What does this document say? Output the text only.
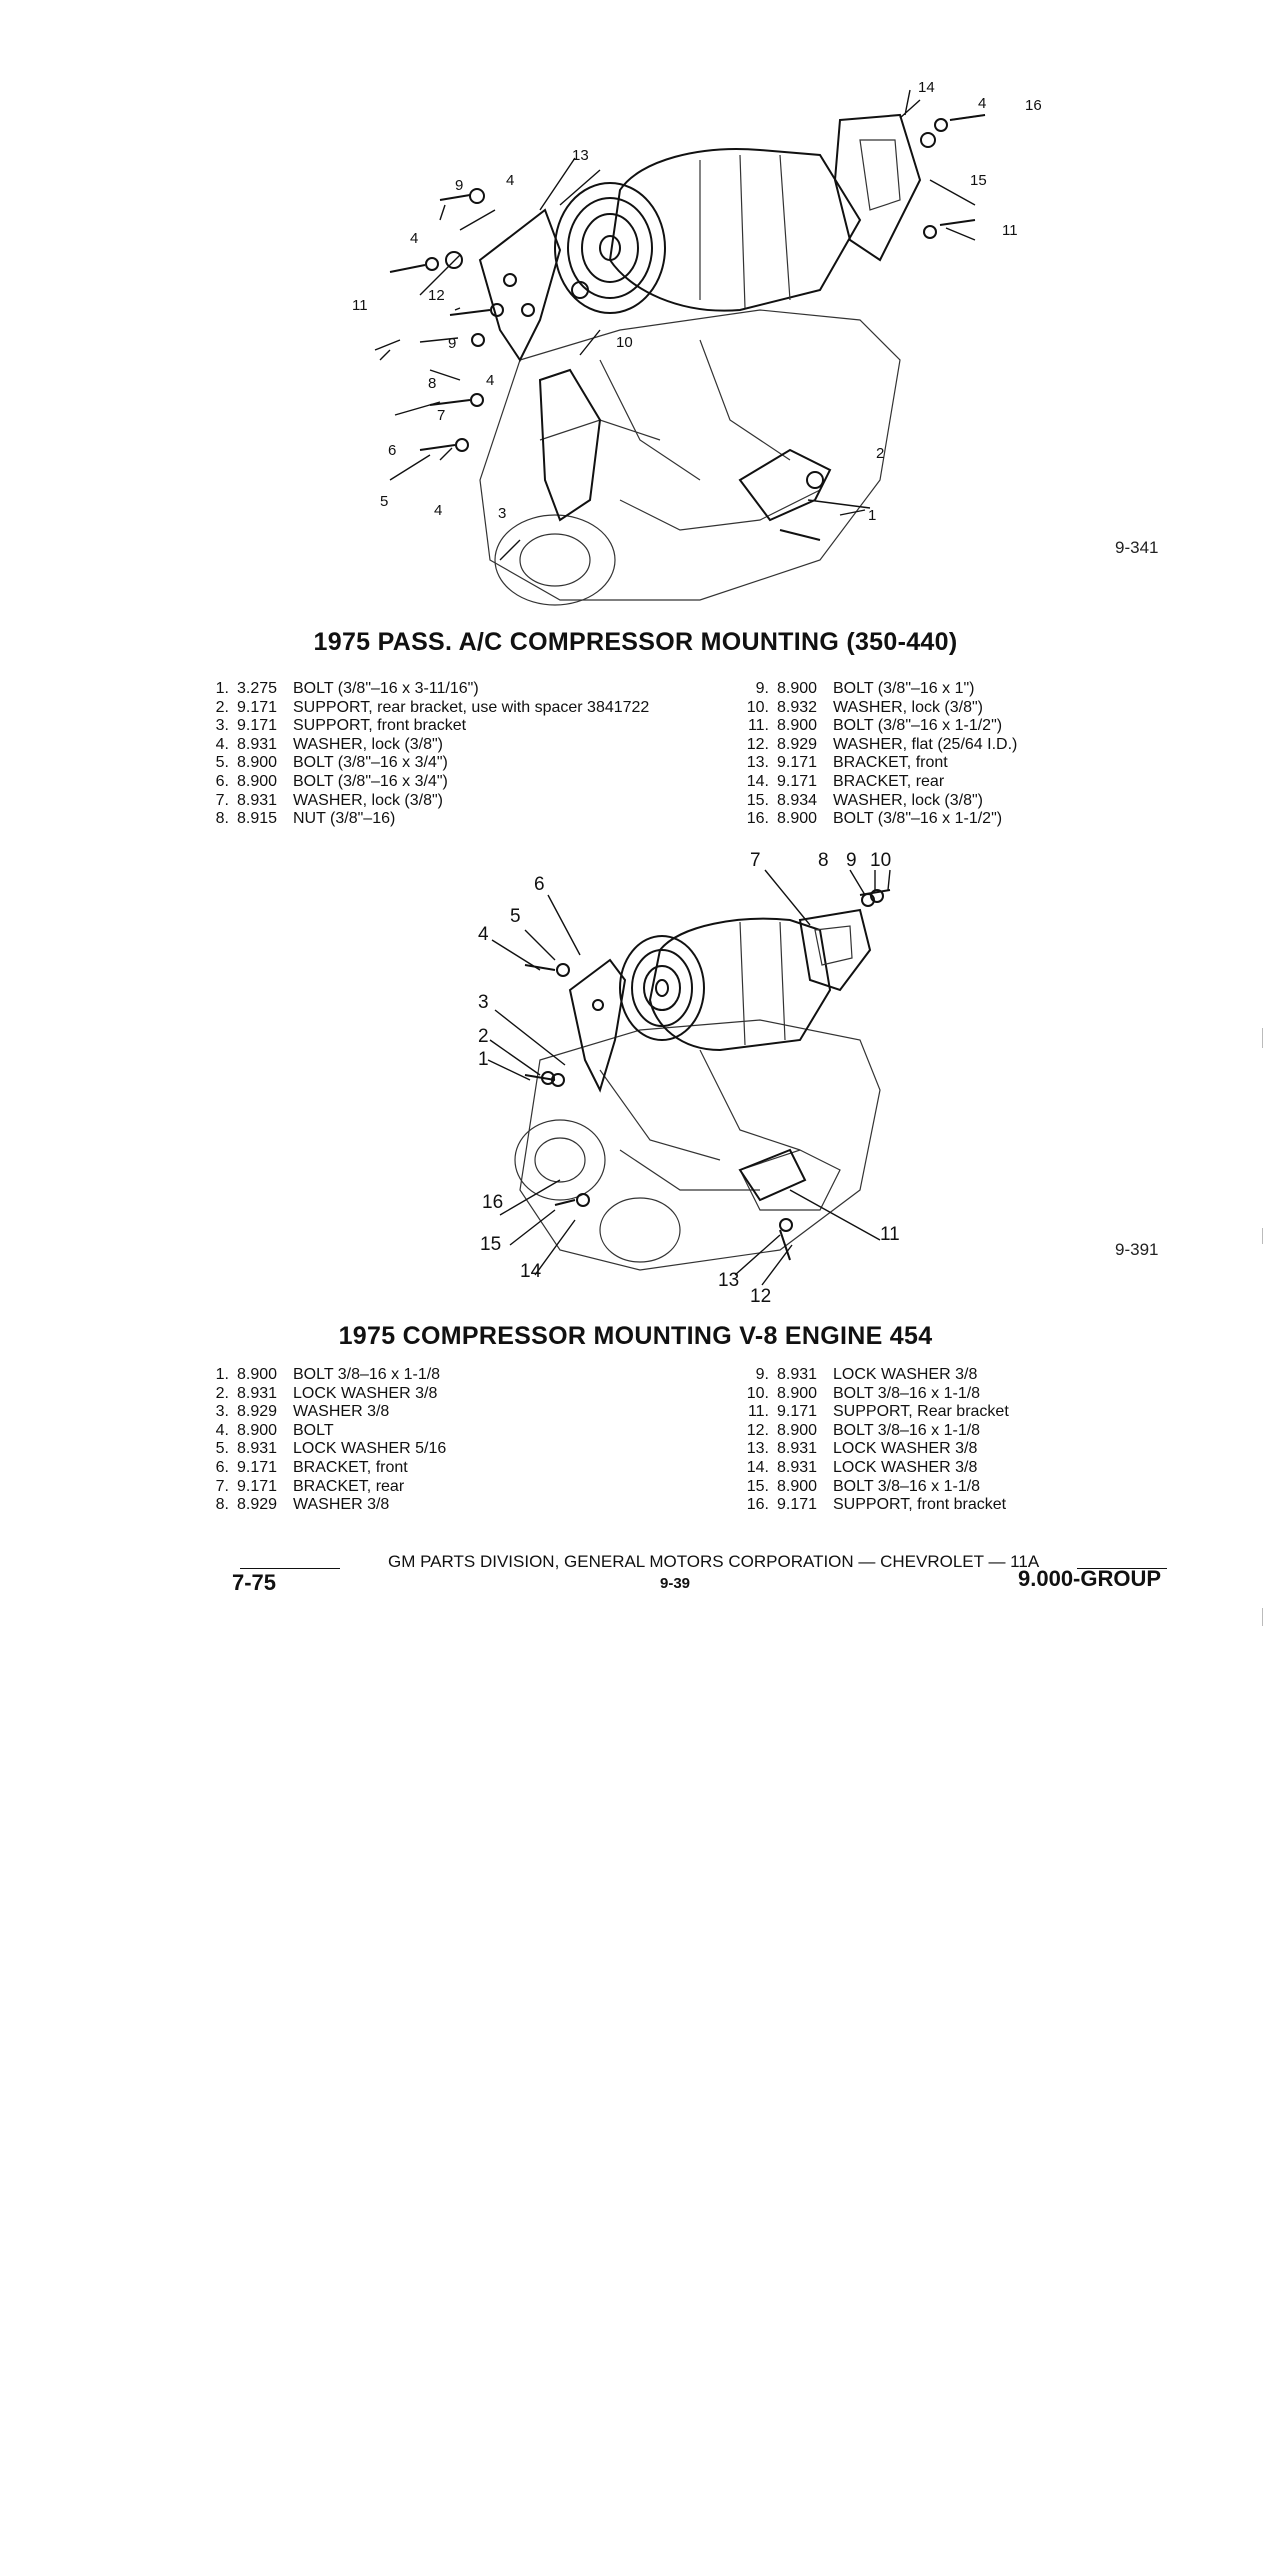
1
2
3
4
4
4
4
4
5
6
7
8
9
9	10
11
11
12
13
14
15
16
9-341
1975 PASS. A/C COMPRESSOR MOUNTING (350-440)
1. 3.275 BOLT (3/8"–16 x 3-11/16")
2. 9.171 SUPPORT, rear bracket, use with spacer 3841722
3. 9.171 SUPPORT, front bracket
4. 8.931 WASHER, lock (3/8")
5. 8.900 BOLT (3/8"–16 x 3/4")
6. 8.900 BOLT (3/8"–16 x 3/4")
7. 8.931 WASHER, lock (3/8")
8. 8.915 NUT (3/8"–16)
9. 8.900 BOLT (3/8"–16 x 1")
10. 8.932 WASHER, lock (3/8")
11. 8.900 BOLT (3/8"–16 x 1-1/2")
12. 8.929 WASHER, flat (25/64 I.D.)
13. 9.171 BRACKET, front
14. 9.171 BRACKET, rear
15. 8.934 WASHER, lock (3/8")
16. 8.900 BOLT (3/8"–16 x 1-1/2")
1
2
3
4
5
6
7	8 9 10
11
12
13
14
15
16
9-391
1975 COMPRESSOR MOUNTING V-8 ENGINE 454
1. 8.900 BOLT 3/8–16 x 1-1/8
2. 8.931 LOCK WASHER 3/8
3. 8.929 WASHER 3/8
4. 8.900 BOLT
5. 8.931 LOCK WASHER 5/16
6. 9.171 BRACKET, front
7. 9.171 BRACKET, rear
8. 8.929 WASHER 3/8
9. 8.931 LOCK WASHER 3/8
10. 8.900 BOLT 3/8–16 x 1-1/8
11. 9.171 SUPPORT, Rear bracket
12. 8.900 BOLT 3/8–16 x 1-1/8
13. 8.931 LOCK WASHER 3/8
14. 8.931 LOCK WASHER 3/8
15. 8.900 BOLT 3/8–16 x 1-1/8
16. 9.171 SUPPORT, front bracket
GM PARTS DIVISION, GENERAL MOTORS CORPORATION — CHEVROLET — 11A
7-75	9-39	9.000-GROUP
